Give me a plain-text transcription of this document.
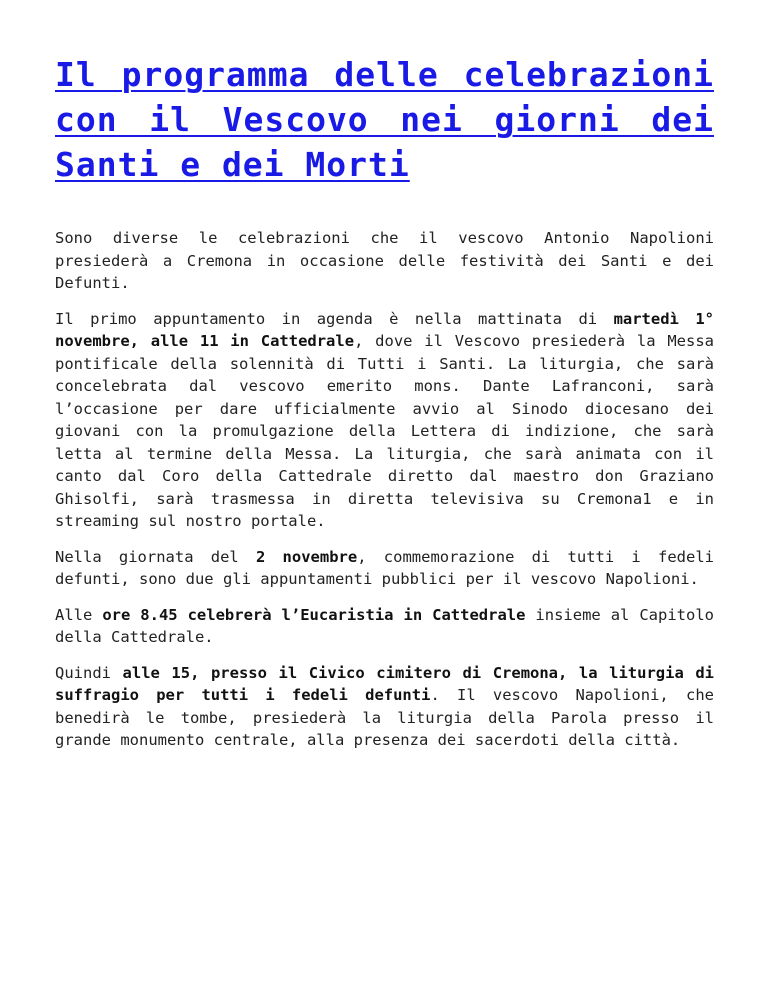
Il programma delle celebrazioni con il Vescovo nei giorni dei Santi e dei Morti

Sono diverse le celebrazioni che il vescovo Antonio Napolioni presiederà a Cremona in occasione delle festività dei Santi e dei Defunti.

Il primo appuntamento in agenda è nella mattinata di martedì 1° novembre, alle 11 in Cattedrale, dove il Vescovo presiederà la Messa pontificale della solennità di Tutti i Santi. La liturgia, che sarà concelebrata dal vescovo emerito mons. Dante Lafranconi, sarà l’occasione per dare ufficialmente avvio al Sinodo diocesano dei giovani con la promulgazione della Lettera di indizione, che sarà letta al termine della Messa. La liturgia, che sarà animata con il canto dal Coro della Cattedrale diretto dal maestro don Graziano Ghisolfi, sarà trasmessa in diretta televisiva su Cremona1 e in streaming sul nostro portale.

Nella giornata del 2 novembre, commemorazione di tutti i fedeli defunti, sono due gli appuntamenti pubblici per il vescovo Napolioni.

Alle ore 8.45 celebrerà l’Eucaristia in Cattedrale insieme al Capitolo della Cattedrale.

Quindi alle 15, presso il Civico cimitero di Cremona, la liturgia di suffragio per tutti i fedeli defunti. Il vescovo Napolioni, che benedirà le tombe, presiederà la liturgia della Parola presso il grande monumento centrale, alla presenza dei sacerdoti della città.
